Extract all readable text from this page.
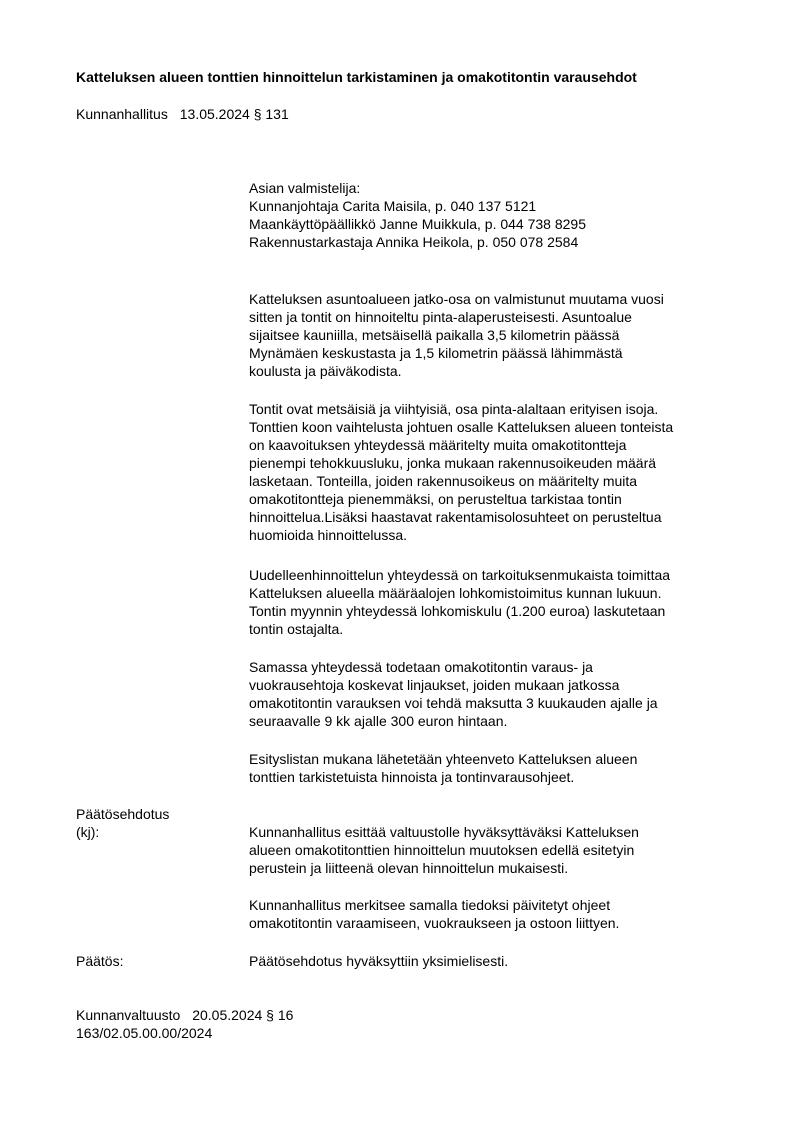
Katteluksen alueen tonttien hinnoittelun tarkistaminen ja omakotitontin varausehdot
Kunnanhallitus 13.05.2024 § 131
Asian valmistelija:
Kunnanjohtaja Carita Maisila, p. 040 137 5121
Maankäyttöpäällikkö Janne Muikkula, p. 044 738 8295
Rakennustarkastaja Annika Heikola, p. 050 078 2584
Katteluksen asuntoalueen jatko-osa on valmistunut muutama vuosi
sitten ja tontit on hinnoiteltu pinta-alaperusteisesti. Asuntoalue
sijaitsee kauniilla, metsäisellä paikalla 3,5 kilometrin päässä
Mynämäen keskustasta ja 1,5 kilometrin päässä lähimmästä
koulusta ja päiväkodista.
Tontit ovat metsäisiä ja viihtyisiä, osa pinta-alaltaan erityisen isoja.
Tonttien koon vaihtelusta johtuen osalle Katteluksen alueen tonteista
on kaavoituksen yhteydessä määritelty muita omakotitontteja
pienempi tehokkuusluku, jonka mukaan rakennusoikeuden määrä
lasketaan. Tonteilla, joiden rakennusoikeus on määritelty muita
omakotitontteja pienemmäksi, on perusteltua tarkistaa tontin
hinnoittelua.Lisäksi haastavat rakentamisolosuhteet on perusteltua
huomioida hinnoittelussa.
Uudelleenhinnoittelun yhteydessä on tarkoituksenmukaista toimittaa
Katteluksen alueella määräalojen lohkomistoimitus kunnan lukuun.
Tontin myynnin yhteydessä lohkomiskulu (1.200 euroa) laskutetaan
tontin ostajalta.
Samassa yhteydessä todetaan omakotitontin varaus- ja
vuokrausehtoja koskevat linjaukset, joiden mukaan jatkossa
omakotitontin varauksen voi tehdä maksutta 3 kuukauden ajalle ja
seuraavalle 9 kk ajalle 300 euron hintaan.
Esityslistan mukana lähetetään yhteenveto Katteluksen alueen
tonttien tarkistetuista hinnoista ja tontinvarausohjeet.
Päätösehdotus
(kj):	Kunnanhallitus esittää valtuustolle hyväksyttäväksi Katteluksen
alueen omakotitonttien hinnoittelun muutoksen edellä esitetyin
perustein ja liitteenä olevan hinnoittelun mukaisesti.
Kunnanhallitus merkitsee samalla tiedoksi päivitetyt ohjeet
omakotitontin varaamiseen, vuokraukseen ja ostoon liittyen.
Päätös:	Päätösehdotus hyväksyttiin yksimielisesti.
Kunnanvaltuusto 20.05.2024 § 16
163/02.05.00.00/2024
